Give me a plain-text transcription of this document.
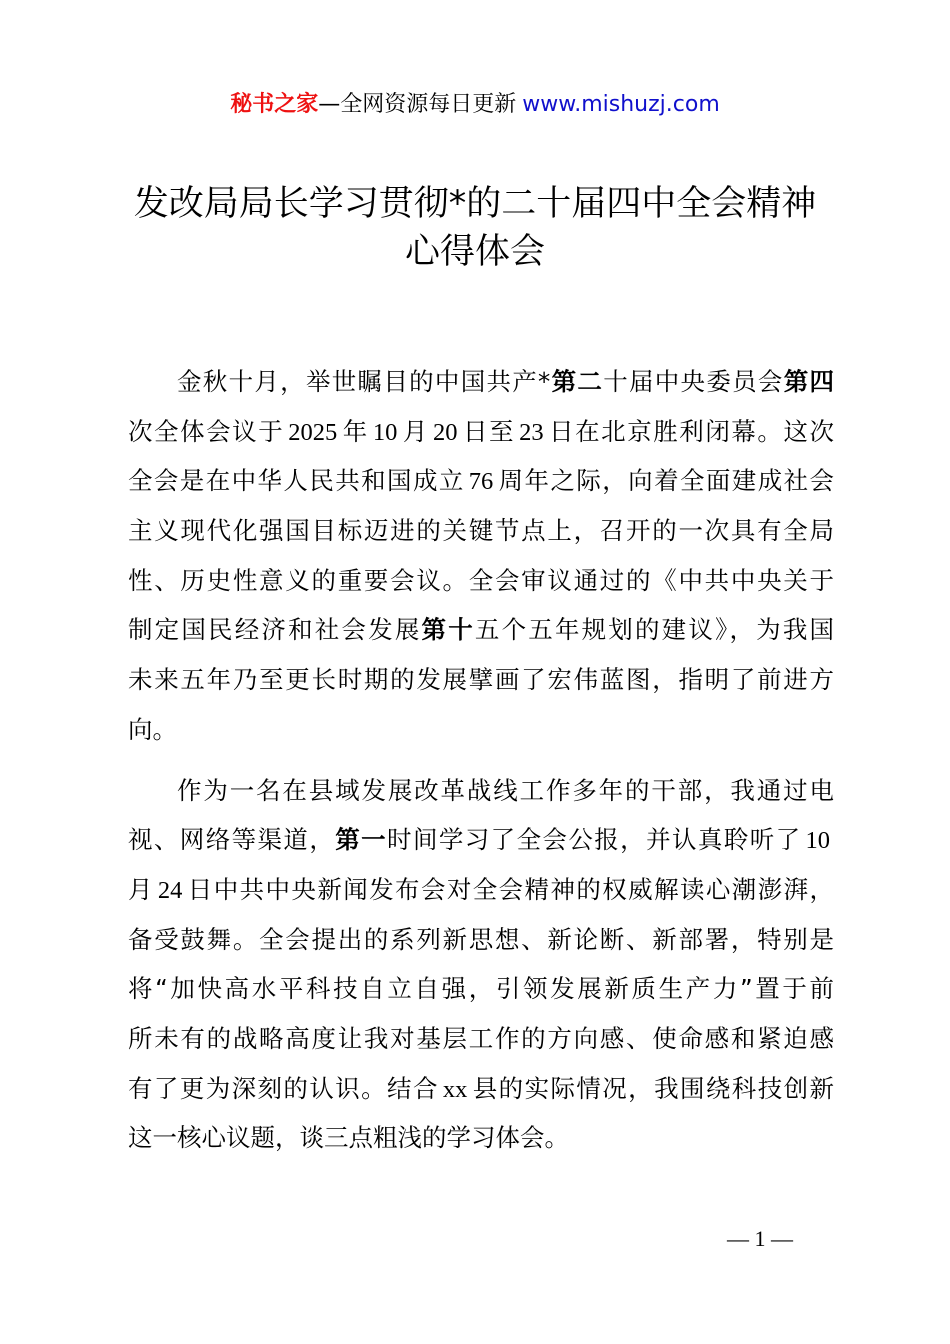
秘书之家—全网资源每日更新 www.mishuzj.com
发改局局长学习贯彻*的二十届四中全会精神
心得体会
金秋十月，举世瞩目的中国共产*第二十届中央委员会第四
次全体会议于 2025 年 10 月 20 日至 23 日在北京胜利闭幕。这次
全会是在中华人民共和国成立 76 周年之际，向着全面建成社会
主义现代化强国目标迈进的关键节点上，召开的一次具有全局
性、历史性意义的重要会议。全会审议通过的《中共中央关于
制定国民经济和社会发展第十五个五年规划的建议》，为我国
未来五年乃至更长时期的发展擘画了宏伟蓝图，指明了前进方
向。
作为一名在县域发展改革战线工作多年的干部，我通过电
视、网络等渠道，第一时间学习了全会公报，并认真聆听了 10
月 24 日中共中央新闻发布会对全会精神的权威解读心潮澎湃，
备受鼓舞。全会提出的系列新思想、新论断、新部署，特别是
将“加快高水平科技自立自强，引领发展新质生产力”置于前
所未有的战略高度让我对基层工作的方向感、使命感和紧迫感
有了更为深刻的认识。结合 xx 县的实际情况，我围绕科技创新
这一核心议题，谈三点粗浅的学习体会。
— 1 —
